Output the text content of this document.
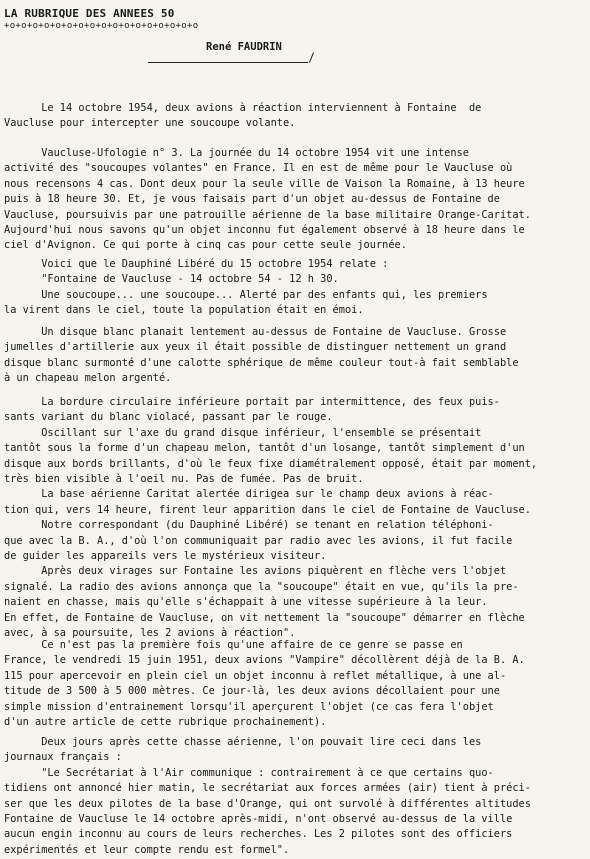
LA RUBRIQUE DES ANNEES 50
+o+o+o+o+o+o+o+o+o+o+o+o+o+o+o+o+o
René FAUDRIN
Le 14 octobre 1954, deux avions à réaction interviennent à Fontaine  de
Vaucluse pour intercepter une soucoupe volante.
Vaucluse-Ufologie n° 3. La journée du 14 octobre 1954 vit une intense
activité des "soucoupes volantes" en France. Il en est de même pour le Vaucluse où
nous recensons 4 cas. Dont deux pour la seule ville de Vaison la Romaine, à 13 heure
puis à 18 heure 30. Et, je vous faisais part d'un objet au-dessus de Fontaine de
Vaucluse, poursuivis par une patrouille aérienne de la base militaire Orange-Caritat.
Aujourd'hui nous savons qu'un objet inconnu fut également observé à 18 heure dans le
ciel d'Avignon. Ce qui porte à cinq cas pour cette seule journée.
Voici que le Dauphiné Libéré du 15 octobre 1954 relate :
"Fontaine de Vaucluse - 14 octobre 54 - 12 h 30.
Une soucoupe... une soucoupe... Alerté par des enfants qui, les premiers
la virent dans le ciel, toute la population était en émoi.
Un disque blanc planait lentement au-dessus de Fontaine de Vaucluse. Grosse
jumelles d'artillerie aux yeux il était possible de distinguer nettement un grand
disque blanc surmonté d'une calotte sphérique de même couleur tout-à fait semblable
à un chapeau melon argenté.
La bordure circulaire inférieure portait par intermittence, des feux puis-
sants variant du blanc violacé, passant par le rouge.
Oscillant sur l'axe du grand disque inférieur, l'ensemble se présentait
tantôt sous la forme d'un chapeau melon, tantôt d'un losange, tantôt simplement d'un
disque aux bords brillants, d'où le feux fixe diamétralement opposé, était par moment,
très bien visible à l'oeil nu. Pas de fumée. Pas de bruit.
La base aérienne Caritat alertée dirigea sur le champ deux avions à réac-
tion qui, vers 14 heure, firent leur apparition dans le ciel de Fontaine de Vaucluse.
Notre correspondant (du Dauphiné Libéré) se tenant en relation téléphoni-
que avec la B. A., d'où l'on communiquait par radio avec les avions, il fut facile
de guider les appareils vers le mystérieux visiteur.
Après deux virages sur Fontaine les avions piquèrent en flèche vers l'objet
signalé. La radio des avions annonça que la "soucoupe" était en vue, qu'ils la pre-
naient en chasse, mais qu'elle s'échappait à une vitesse supérieure à la leur.
En effet, de Fontaine de Vaucluse, on vit nettement la "soucoupe" démarrer en flèche
avec, à sa poursuite, les 2 avions à réaction".
Ce n'est pas la première fois qu'une affaire de ce genre se passe en
France, le vendredi 15 juin 1951, deux avions "Vampire" décollèrent déjà de la B. A.
115 pour apercevoir en plein ciel un objet inconnu à reflet métallique, à une al-
titude de 3 500 à 5 000 mètres. Ce jour-là, les deux avions décollaient pour une
simple mission d'entrainement lorsqu'il aperçurent l'objet (ce cas fera l'objet
d'un autre article de cette rubrique prochainement).
Deux jours après cette chasse aérienne, l'on pouvait lire ceci dans les
journaux français :
"Le Secrétariat à l'Air communique : contrairement à ce que certains quo-
tidiens ont annoncé hier matin, le secrétariat aux forces armées (air) tient à préci-
ser que les deux pilotes de la base d'Orange, qui ont survolé à différentes altitudes
Fontaine de Vaucluse le 14 octobre après-midi, n'ont observé au-dessus de la ville
aucun engin inconnu au cours de leurs recherches. Les 2 pilotes sont des officiers
expérimentés et leur compte rendu est formel".
